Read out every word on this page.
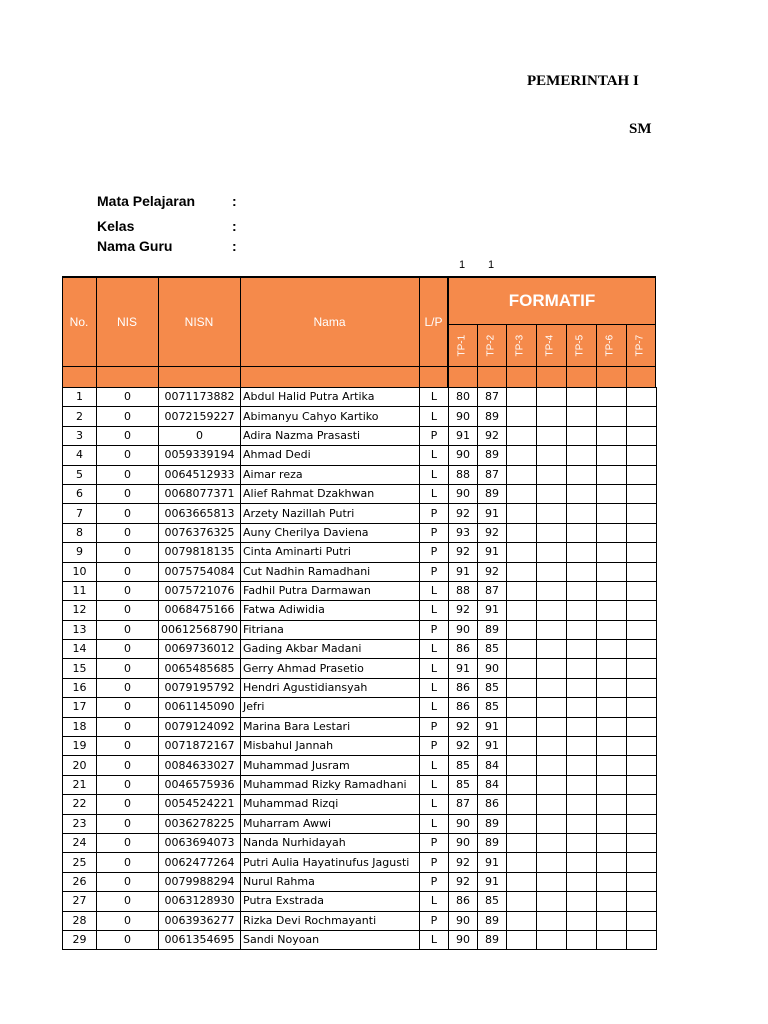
PEMERINTAH I
SM
Mata Pelajaran	:
Kelas	:
Nama Guru	:
1 1
No.	NIS	NISN	Nama	L/P
FORMATIF
TP-1 TP-2 TP-3 TP-4 TP-5 TP-6 TP-7
1	0	0071173882	Abdul Halid Putra Artika	L	80	87					
2	0	0072159227	Abimanyu Cahyo Kartiko	L	90	89					
3	0	0	Adira Nazma Prasasti	P	91	92					
4	0	0059339194	Ahmad Dedi	L	90	89					
5	0	0064512933	Aimar reza	L	88	87					
6	0	0068077371	Alief Rahmat Dzakhwan	L	90	89					
7	0	0063665813	Arzety Nazillah Putri	P	92	91					
8	0	0076376325	Auny Cherilya Daviena	P	93	92					
9	0	0079818135	Cinta Aminarti Putri	P	92	91					
10	0	0075754084	Cut Nadhin Ramadhani	P	91	92					
11	0	0075721076	Fadhil Putra Darmawan	L	88	87					
12	0	0068475166	Fatwa Adiwidia	L	92	91					
13	0	00612568790	Fitriana	P	90	89					
14	0	0069736012	Gading Akbar Madani	L	86	85					
15	0	0065485685	Gerry Ahmad Prasetio	L	91	90					
16	0	0079195792	Hendri Agustidiansyah	L	86	85					
17	0	0061145090	Jefri	L	86	85					
18	0	0079124092	Marina Bara Lestari	P	92	91					
19	0	0071872167	Misbahul Jannah	P	92	91					
20	0	0084633027	Muhammad Jusram	L	85	84					
21	0	0046575936	Muhammad Rizky Ramadhani	L	85	84					
22	0	0054524221	Muhammad Rizqi	L	87	86					
23	0	0036278225	Muharram Awwi	L	90	89					
24	0	0063694073	Nanda Nurhidayah	P	90	89					
25	0	0062477264	Putri Aulia Hayatinufus Jagusti	P	92	91					
26	0	0079988294	Nurul Rahma	P	92	91					
27	0	0063128930	Putra Exstrada	L	86	85					
28	0	0063936277	Rizka Devi Rochmayanti	P	90	89					
29	0	0061354695	Sandi Noyoan	L	90	89					
